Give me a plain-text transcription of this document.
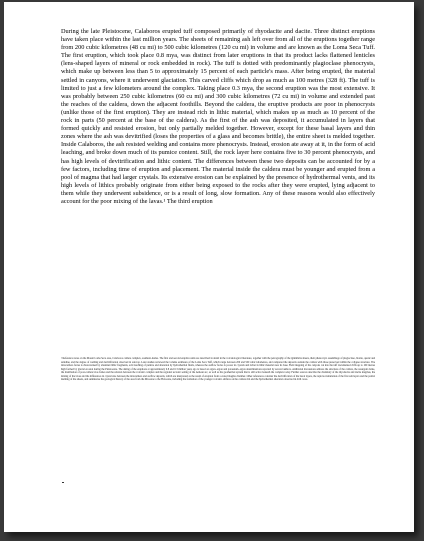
During the late Pleistocene, Calaboros erupted tuff composed primarily of rhyodacite and dacite. Three distinct eruptions have taken place within the last million years. The sheets of remaining ash left over from all of the eruptions together range from 200 cubic kilometres (48 cu mi) to 500 cubic kilometres (120 cu mi) in volume and are known as the Loma Seca Tuff. The first eruption, which took place 0.8 mya, was distinct from later eruptions in that its product lacks flattened lenticles (lens-shaped layers of mineral or rock embedded in rock). The tuff is dotted with predominantly plagioclase phenocrysts, which make up between less than 5 to approximately 15 percent of each particle's mass. After being erupted, the material settled in canyons, where it underwent glaciation. This carved cliffs which drop as much as 100 metres (328 ft). The tuff is limited to just a few kilometers around the complex. Taking place 0.3 mya, the second eruption was the most extensive. It was probably between 250 cubic kilometres (60 cu mi) and 300 cubic kilometres (72 cu mi) in volume and extended past the reaches of the caldera, down the adjacent foothills. Beyond the caldera, the eruptive products are poor in phenocrysts (unlike those of the first eruption). They are instead rich in lithic material, which makes up as much as 10 percent of the rock in parts (50 percent at the base of the caldera). As the first of the ash was deposited, it accumulated in layers that formed quickly and resisted erosion, but only partially melded together. However, except for these basal layers and thin zones where the ash was devitrified (loses the properties of a glass and becomes brittle), the entire sheet is melded together. Inside Calaboros, the ash resisted welding and contains more phenocrysts. Instead, erosion ate away at it, in the form of acid leaching, and broke down much of its pumice content. Still, the rock layer here contains five to 30 percent phenocrysts, and has high levels of devitrification and lithic content. The differences between these two deposits can be accounted for by a few factors, including time of eruption and placement. The material inside the caldera must be younger and erupted from a pool of magma that had larger crystals. Its extensive erosion can be explained by the presence of hydrothermal vents, and its high levels of lithics probably originate from either being exposed to the rocks after they were erupted, lying adjacent to them while they underwent subsidence, or is a result of long, slow formation. Any of these reasons would also effectively account for the poor mixing of the lavas.¹ The third eruption

¹ Reference notes on the Mount Loma Seca area, Calaboros caldera complex, southern Andes. The first and second eruptive units are described in detail in the volcanological literature, together with the petrography of the ignimbrite sheets, their phenocryst assemblage of plagioclase, biotite, quartz and sanidine, and the degree of welding and devitrification observed in outcrop. Later studies reviewed the volume estimates of the Loma Seca Tuff, which range between 200 and 500 cubic kilometres, and compared the deposits outside the caldera with those preserved within the collapse structure. The intracaldera facies is characterised by abundant lithic fragments, acid leaching of pumice and alteration by hydrothermal fluids, whereas the outflow facies is poorer in crystals and richer in lithic material near its base. Field mapping of the canyons cut into the tuff documented cliffs up to 100 metres high formed by glacial erosion during the Pleistocene. The dating of the eruptions at approximately 0.8 and 0.3 million years ago is based on argon–argon and potassium–argon determinations reported by several authors. Additional discussions address the structure of the caldera, the resurgent dome, the distribution of post-caldera lava domes and the relation between the volcanic complex and the regional tectonic setting of the Andean arc, as well as the geothermal system that is still active beneath the complex today. Further sources describe the chemistry of the rhyodacite and dacite magmas, the mixing of the lavas and the differences in crystal size between the intracaldera and outflow deposits, which are interpreted as the result of eruption from a zoned magma chamber. Other references consider the devitrification of the basal layers, the rapid accumulation of the first ash layers and the partial melding of the sheets, and summarise the geological history of the area from the Miocene to the Holocene, including the formation of the younger volcanic edifices on the caldera rim and the hydrothermal alteration observed in drill cores.
